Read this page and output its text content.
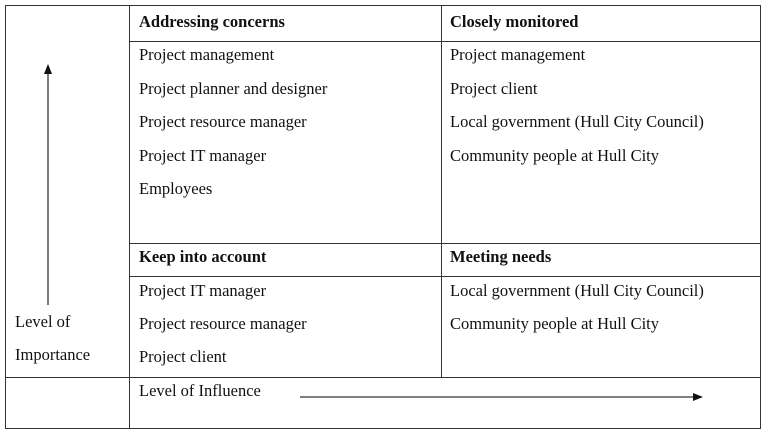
Addressing concerns
Project management
Project planner and designer
Project resource manager
Project IT manager
Employees
Closely monitored
Project management
Project client
Local government (Hull City Council)
Community people at Hull City
Keep into account
Project IT manager
Project resource manager
Project client
Meeting needs
Local government (Hull City Council)
Community people at Hull City
Level of
Importance
Level of Influence
